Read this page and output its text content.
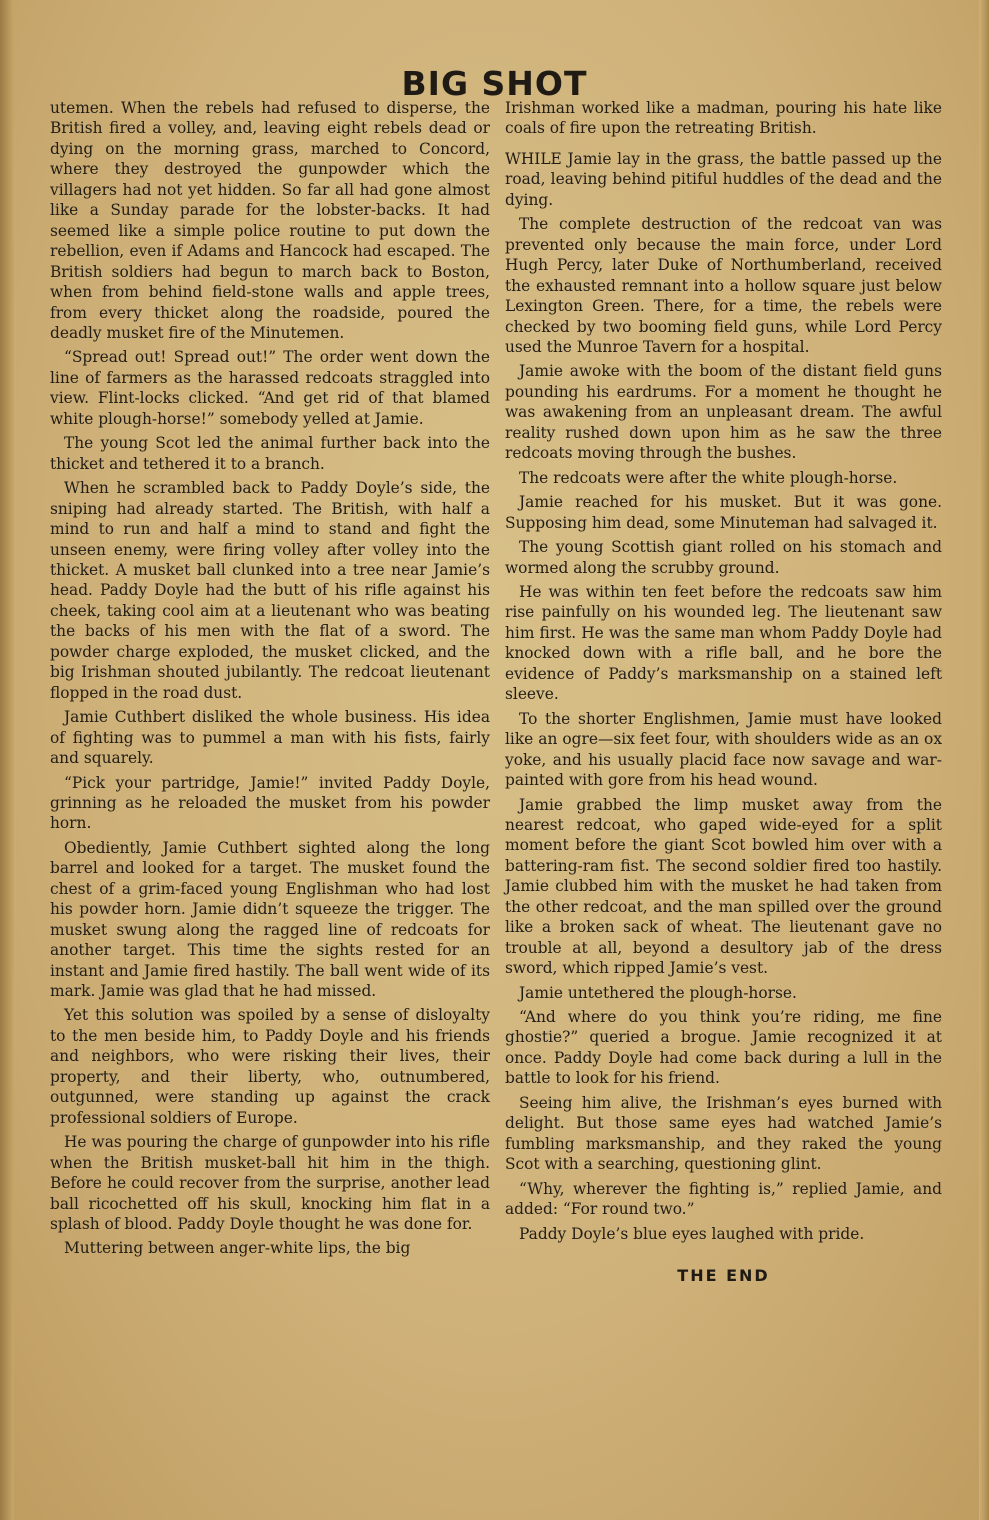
BIG SHOT

utemen. When the rebels had refused to disperse, the British fired a volley, and, leaving eight rebels dead or dying on the morning grass, marched to Concord, where they destroyed the gunpowder which the villagers had not yet hidden. So far all had gone almost like a Sunday parade for the lobster-backs. It had seemed like a simple police routine to put down the rebellion, even if Adams and Hancock had escaped. The British soldiers had begun to march back to Boston, when from behind field-stone walls and apple trees, from every thicket along the roadside, poured the deadly musket fire of the Minutemen.

“Spread out! Spread out!” The order went down the line of farmers as the harassed redcoats straggled into view. Flint-locks clicked. “And get rid of that blamed white plough-horse!” somebody yelled at Jamie.

The young Scot led the animal further back into the thicket and tethered it to a branch.

When he scrambled back to Paddy Doyle’s side, the sniping had already started. The British, with half a mind to run and half a mind to stand and fight the unseen enemy, were firing volley after volley into the thicket. A musket ball clunked into a tree near Jamie’s head. Paddy Doyle had the butt of his rifle against his cheek, taking cool aim at a lieutenant who was beating the backs of his men with the flat of a sword. The powder charge exploded, the musket clicked, and the big Irishman shouted jubilantly. The redcoat lieutenant flopped in the road dust.

Jamie Cuthbert disliked the whole business. His idea of fighting was to pummel a man with his fists, fairly and squarely.

“Pick your partridge, Jamie!” invited Paddy Doyle, grinning as he reloaded the musket from his powder horn.

Obediently, Jamie Cuthbert sighted along the long barrel and looked for a target. The musket found the chest of a grim-faced young Englishman who had lost his powder horn. Jamie didn’t squeeze the trigger. The musket swung along the ragged line of redcoats for another target. This time the sights rested for an instant and Jamie fired hastily. The ball went wide of its mark. Jamie was glad that he had missed.

Yet this solution was spoiled by a sense of disloyalty to the men beside him, to Paddy Doyle and his friends and neighbors, who were risking their lives, their property, and their liberty, who, outnumbered, outgunned, were standing up against the crack professional soldiers of Europe.

He was pouring the charge of gunpowder into his rifle when the British musket-ball hit him in the thigh. Before he could recover from the surprise, another lead ball ricochetted off his skull, knocking him flat in a splash of blood. Paddy Doyle thought he was done for.

Muttering between anger-white lips, the big

Irishman worked like a madman, pouring his hate like coals of fire upon the retreating British.

WHILE Jamie lay in the grass, the battle passed up the road, leaving behind pitiful huddles of the dead and the dying.

The complete destruction of the redcoat van was prevented only because the main force, under Lord Hugh Percy, later Duke of Northumberland, received the exhausted remnant into a hollow square just below Lexington Green. There, for a time, the rebels were checked by two booming field guns, while Lord Percy used the Munroe Tavern for a hospital.

Jamie awoke with the boom of the distant field guns pounding his eardrums. For a moment he thought he was awakening from an unpleasant dream. The awful reality rushed down upon him as he saw the three redcoats moving through the bushes.

The redcoats were after the white plough-horse.

Jamie reached for his musket. But it was gone. Supposing him dead, some Minuteman had salvaged it.

The young Scottish giant rolled on his stomach and wormed along the scrubby ground.

He was within ten feet before the redcoats saw him rise painfully on his wounded leg. The lieutenant saw him first. He was the same man whom Paddy Doyle had knocked down with a rifle ball, and he bore the evidence of Paddy’s marksmanship on a stained left sleeve.

To the shorter Englishmen, Jamie must have looked like an ogre—six feet four, with shoulders wide as an ox yoke, and his usually placid face now savage and war-painted with gore from his head wound.

Jamie grabbed the limp musket away from the nearest redcoat, who gaped wide-eyed for a split moment before the giant Scot bowled him over with a battering-ram fist. The second soldier fired too hastily. Jamie clubbed him with the musket he had taken from the other redcoat, and the man spilled over the ground like a broken sack of wheat. The lieutenant gave no trouble at all, beyond a desultory jab of the dress sword, which ripped Jamie’s vest.

Jamie untethered the plough-horse.

“And where do you think you’re riding, me fine ghostie?” queried a brogue. Jamie recognized it at once. Paddy Doyle had come back during a lull in the battle to look for his friend.

Seeing him alive, the Irishman’s eyes burned with delight. But those same eyes had watched Jamie’s fumbling marksmanship, and they raked the young Scot with a searching, questioning glint.

“Why, wherever the fighting is,” replied Jamie, and added: “For round two.”

Paddy Doyle’s blue eyes laughed with pride.

THE END
